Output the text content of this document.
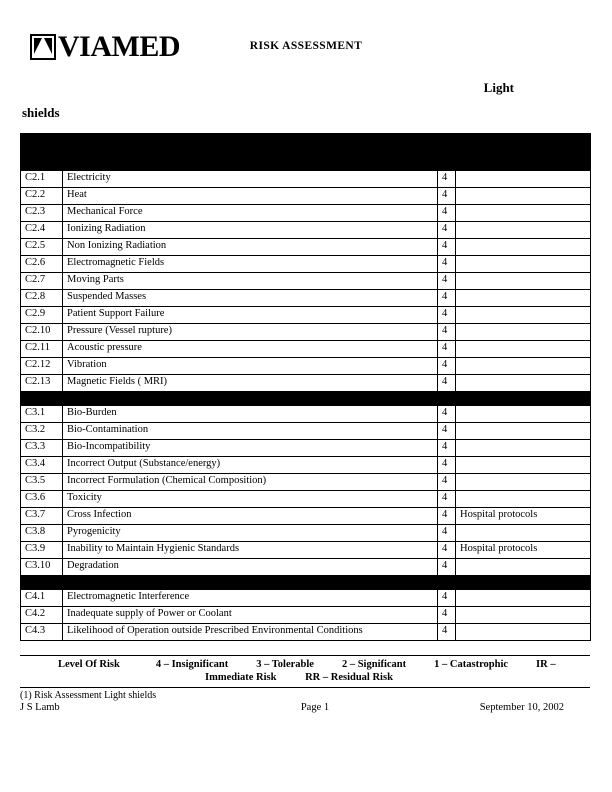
VIAMED	RISK ASSESSMENT
Light
shields

C2.1	Electricity	4	
C2.2	Heat	4	
C2.3	Mechanical Force	4	
C2.4	Ionizing Radiation	4	
C2.5	Non Ionizing Radiation	4	
C2.6	Electromagnetic Fields	4	
C2.7	Moving Parts	4	
C2.8	Suspended Masses	4	
C2.9	Patient Support Failure	4	
C2.10	Pressure (Vessel rupture)	4	
C2.11	Acoustic pressure	4	
C2.12	Vibration	4	
C2.13	Magnetic Fields ( MRI)	4	

C3.1	Bio-Burden	4	
C3.2	Bio-Contamination	4	
C3.3	Bio-Incompatibility	4	
C3.4	Incorrect Output (Substance/energy)	4	
C3.5	Incorrect Formulation (Chemical Composition)	4	
C3.6	Toxicity	4	
C3.7	Cross Infection	4	Hospital protocols
C3.8	Pyrogenicity	4	
C3.9	Inability to Maintain Hygienic Standards	4	Hospital protocols
C3.10	Degradation	4	

C4.1	Electromagnetic Interference	4	
C4.2	Inadequate supply of Power or Coolant	4	
C4.3	Likelihood of Operation outside Prescribed Environmental Conditions	4	
Level Of Risk	4 – Insignificant	3 – Tolerable	2 – Significant	1 – Catastrophic	IR –
Immediate Risk	RR – Residual Risk
(1) Risk Assessment Light shields
J S Lamb	Page 1	September 10, 2002
